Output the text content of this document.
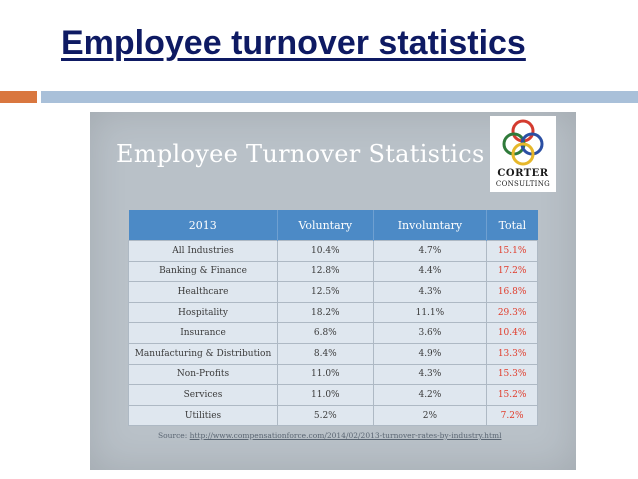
Employee turnover statistics
Employee Turnover Statistics
CORTER
CONSULTING
2013	Voluntary	Involuntary	Total
All Industries	10.4%	4.7%	15.1%
Banking & Finance	12.8%	4.4%	17.2%
Healthcare	12.5%	4.3%	16.8%
Hospitality	18.2%	11.1%	29.3%
Insurance	6.8%	3.6%	10.4%
Manufacturing & Distribution	8.4%	4.9%	13.3%
Non-Profits	11.0%	4.3%	15.3%
Services	11.0%	4.2%	15.2%
Utilities	5.2%	2%	7.2%
Source: http://www.compensationforce.com/2014/02/2013-turnover-rates-by-industry.html
